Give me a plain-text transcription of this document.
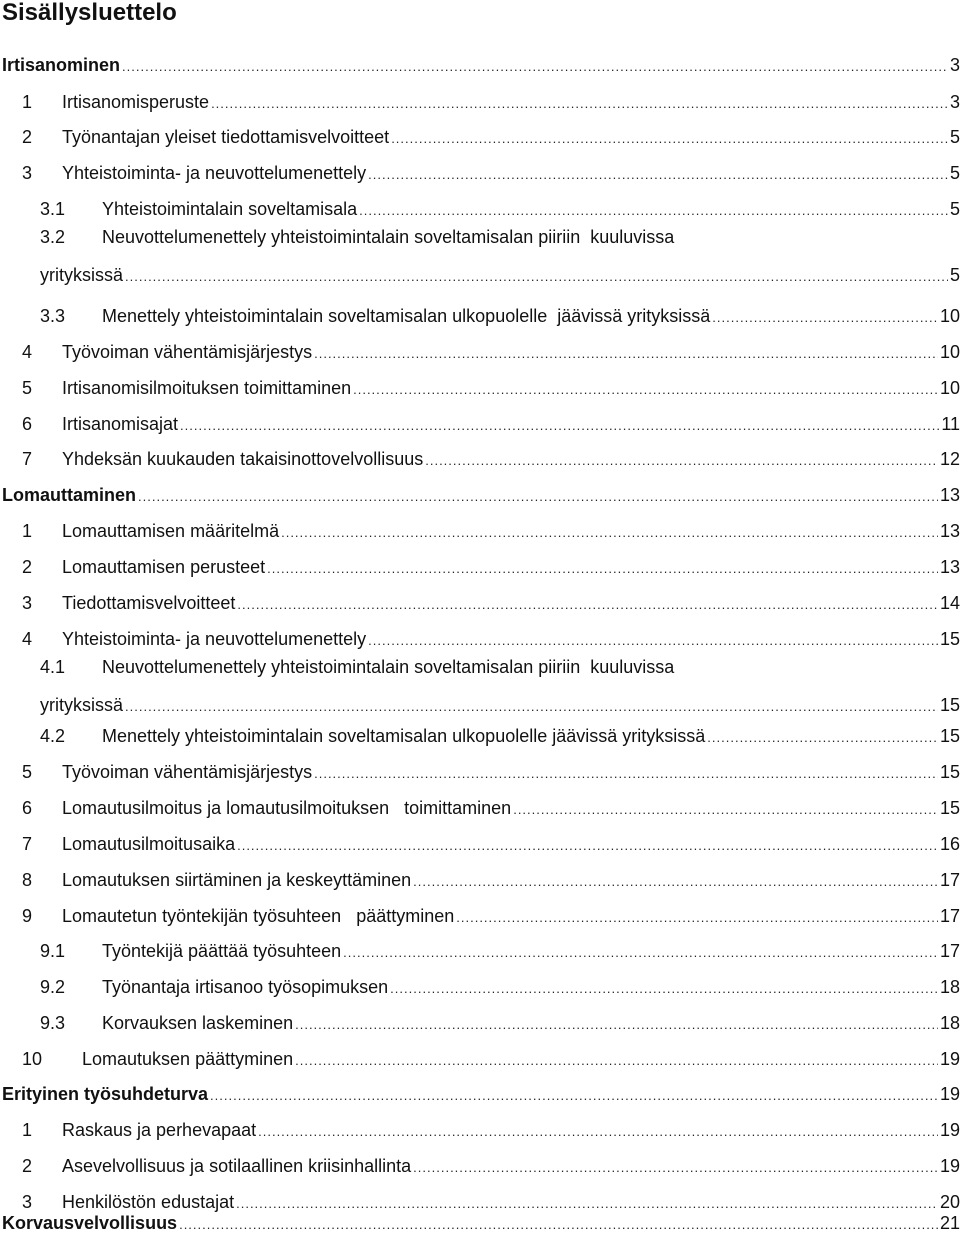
Sisällysluettelo
Irtisanominen .....	3
1	Irtisanomisperuste .....	3
2	Työnantajan yleiset tiedottamisvelvoitteet .....	5
3	Yhteistoiminta- ja neuvottelumenettely .....	5
3.1	Yhteistoimintalain soveltamisala .....	5
3.2 Neuvottelumenettely yhteistoimintalain soveltamisalan piiriin  kuuluvissa
yrityksissä .....	5
3.3	Menettely yhteistoimintalain soveltamisalan ulkopuolelle  jäävissä yrityksissä .....	10
4	Työvoiman vähentämisjärjestys .....	10
5	Irtisanomisilmoituksen toimittaminen .....	10
6	Irtisanomisajat .....	11
7	Yhdeksän kuukauden takaisinottovelvollisuus .....	12
Lomauttaminen .....	13
1	Lomauttamisen määritelmä .....	13
2	Lomauttamisen perusteet .....	13
3	Tiedottamisvelvoitteet .....	14
4	Yhteistoiminta- ja neuvottelumenettely .....	15
4.1 Neuvottelumenettely yhteistoimintalain soveltamisalan piiriin  kuuluvissa
yrityksissä .....	15
4.2	Menettely yhteistoimintalain soveltamisalan ulkopuolelle jäävissä yrityksissä .....	15
5	Työvoiman vähentämisjärjestys .....	15
6	Lomautusilmoitus ja lomautusilmoituksen   toimittaminen .....	15
7	Lomautusilmoitusaika .....	16
8	Lomautuksen siirtäminen ja keskeyttäminen .....	17
9	Lomautetun työntekijän työsuhteen   päättyminen .....	17
9.1	Työntekijä päättää työsuhteen .....	17
9.2	Työnantaja irtisanoo työsopimuksen .....	18
9.3	Korvauksen laskeminen .....	18
10	Lomautuksen päättyminen .....	19
Erityinen työsuhdeturva .....	19
1	Raskaus ja perhevapaat .....	19
2	Asevelvollisuus ja sotilaallinen kriisinhallinta .....	19
3	Henkilöstön edustajat .....	20
Korvausvelvollisuus .....	21
